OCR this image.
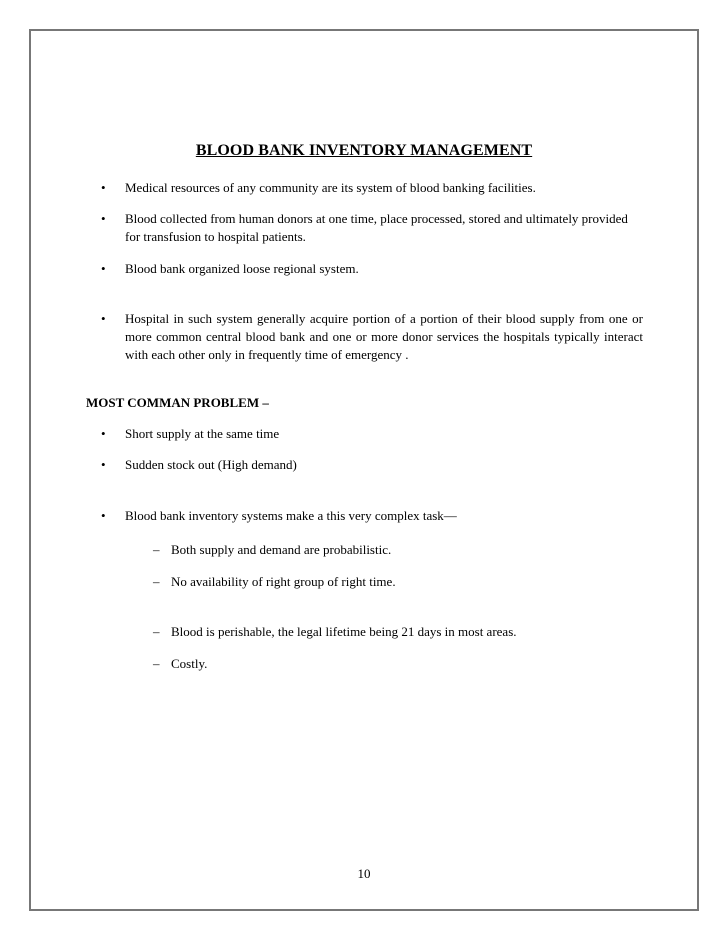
BLOOD BANK INVENTORY MANAGEMENT
• Medical resources of any community are its system of blood banking facilities.
• Blood collected from human donors at one time, place processed, stored and ultimately provided for transfusion to hospital patients.
• Blood bank organized loose regional system.
• Hospital in such system generally acquire portion of a portion of their blood supply from one or more common central blood bank and one or more donor services the hospitals typically interact with each other only in frequently time of emergency .
MOST COMMAN PROBLEM –
• Short supply at the same time
• Sudden stock out (High demand)
• Blood bank inventory systems make a this very complex task—
– Both supply and demand are probabilistic.
– No availability of right group of right time.
– Blood is perishable, the legal lifetime being 21 days in most areas.
– Costly.
10
